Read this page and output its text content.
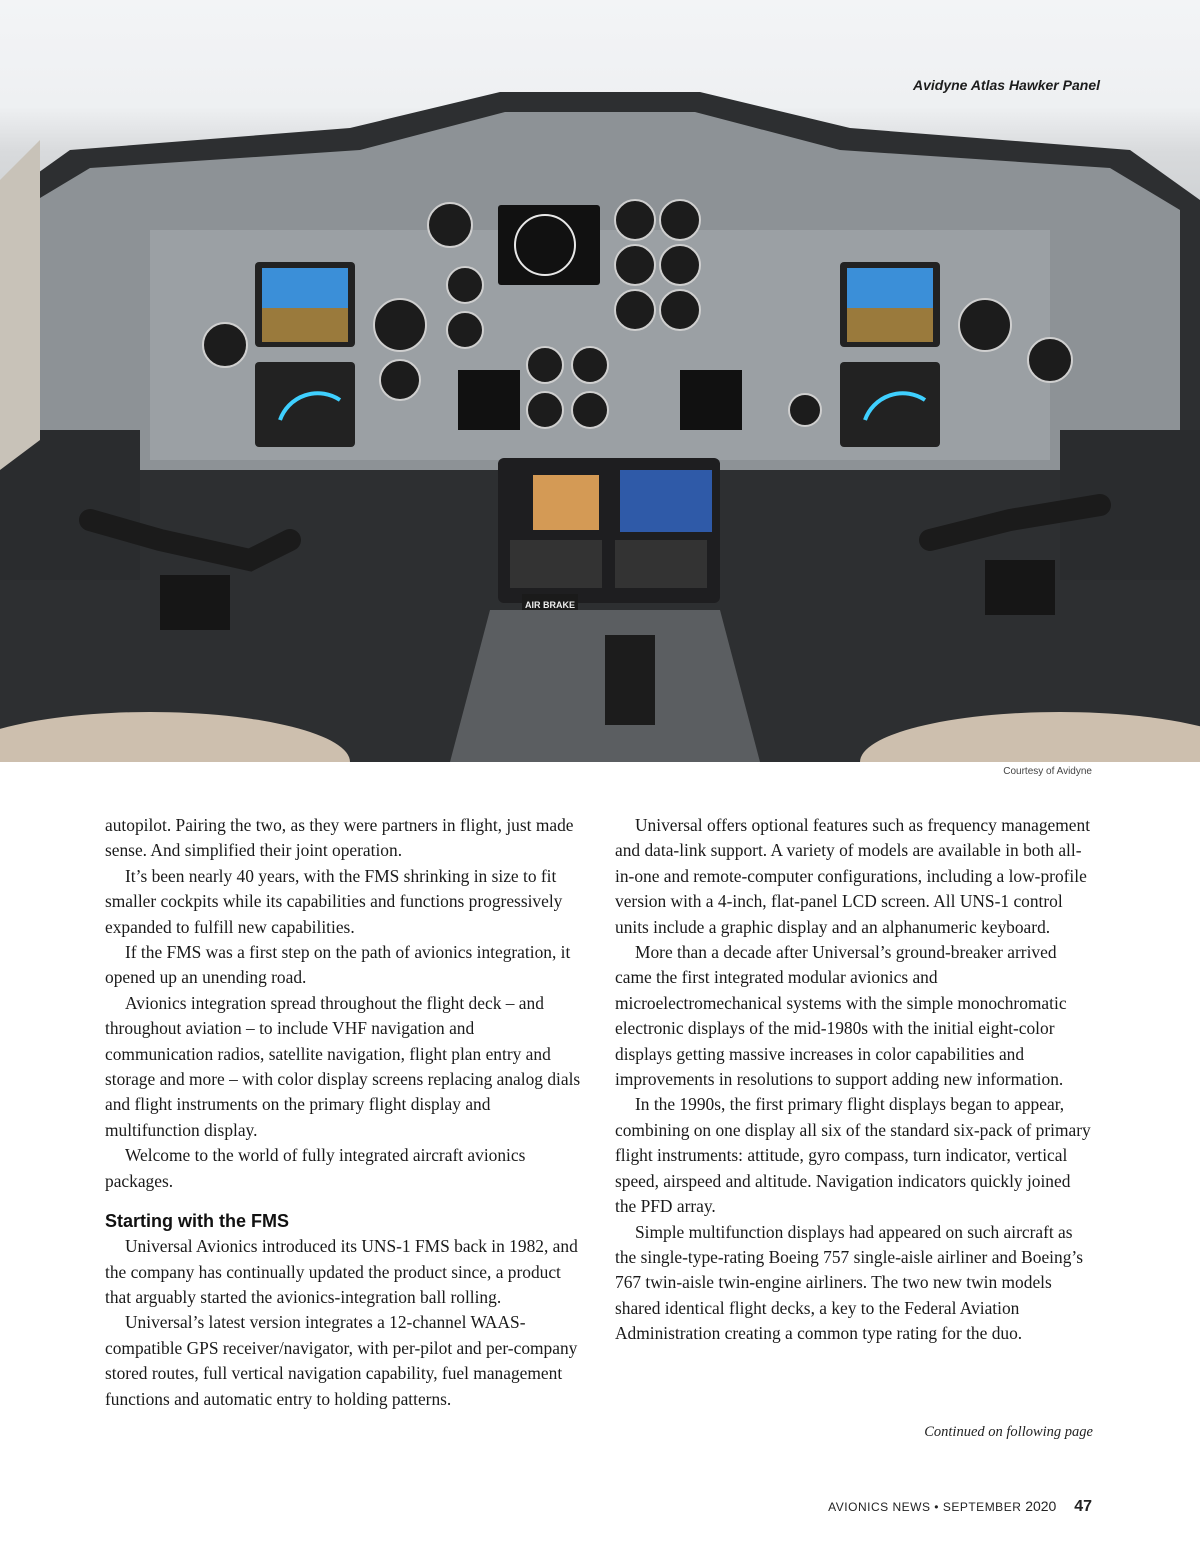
AIR BRAKE
Avidyne Atlas Hawker Panel
Courtesy of Avidyne

autopilot. Pairing the two, as they were partners in flight, just made sense. And simplified their joint operation.

It’s been nearly 40 years, with the FMS shrinking in size to fit smaller cockpits while its capabilities and functions progressively expanded to fulfill new capabilities.

If the FMS was a first step on the path of avionics integration, it opened up an unending road.

Avionics integration spread throughout the flight deck – and throughout aviation – to include VHF navigation and communication radios, satellite navigation, flight plan entry and storage and more – with color display screens replacing analog dials and flight instruments on the primary flight display and multifunction display.

Welcome to the world of fully integrated aircraft avionics packages.

Starting with the FMS

Universal Avionics introduced its UNS-1 FMS back in 1982, and the company has continually updated the product since, a product that arguably started the avionics-integration ball rolling.

Universal’s latest version integrates a 12-channel WAAS-compatible GPS receiver/navigator, with per-pilot and per-company stored routes, full vertical navigation capability, fuel management functions and automatic entry to holding patterns.

Universal offers optional features such as frequency management and data-link support. A variety of models are available in both all-in-one and remote-computer configurations, including a low-profile version with a 4-inch, flat-panel LCD screen. All UNS-1 control units include a graphic display and an alphanumeric keyboard.

More than a decade after Universal’s ground-breaker arrived came the first integrated modular avionics and microelectromechanical systems with the simple monochromatic electronic displays of the mid-1980s with the initial eight-color displays getting massive increases in color capabilities and improvements in resolutions to support adding new information.

In the 1990s, the first primary flight displays began to appear, combining on one display all six of the standard six-pack of primary flight instruments: attitude, gyro compass, turn indicator, vertical speed, airspeed and altitude. Navigation indicators quickly joined the PFD array.

Simple multifunction displays had appeared on such aircraft as the single-type-rating Boeing 757 single-aisle airliner and Boeing’s 767 twin-aisle twin-engine airliners. The two new twin models shared identical flight decks, a key to the Federal Aviation Administration creating a common type rating for the duo.

Continued on following page
AVIONICS NEWS • SEPTEMBER 2020 47
